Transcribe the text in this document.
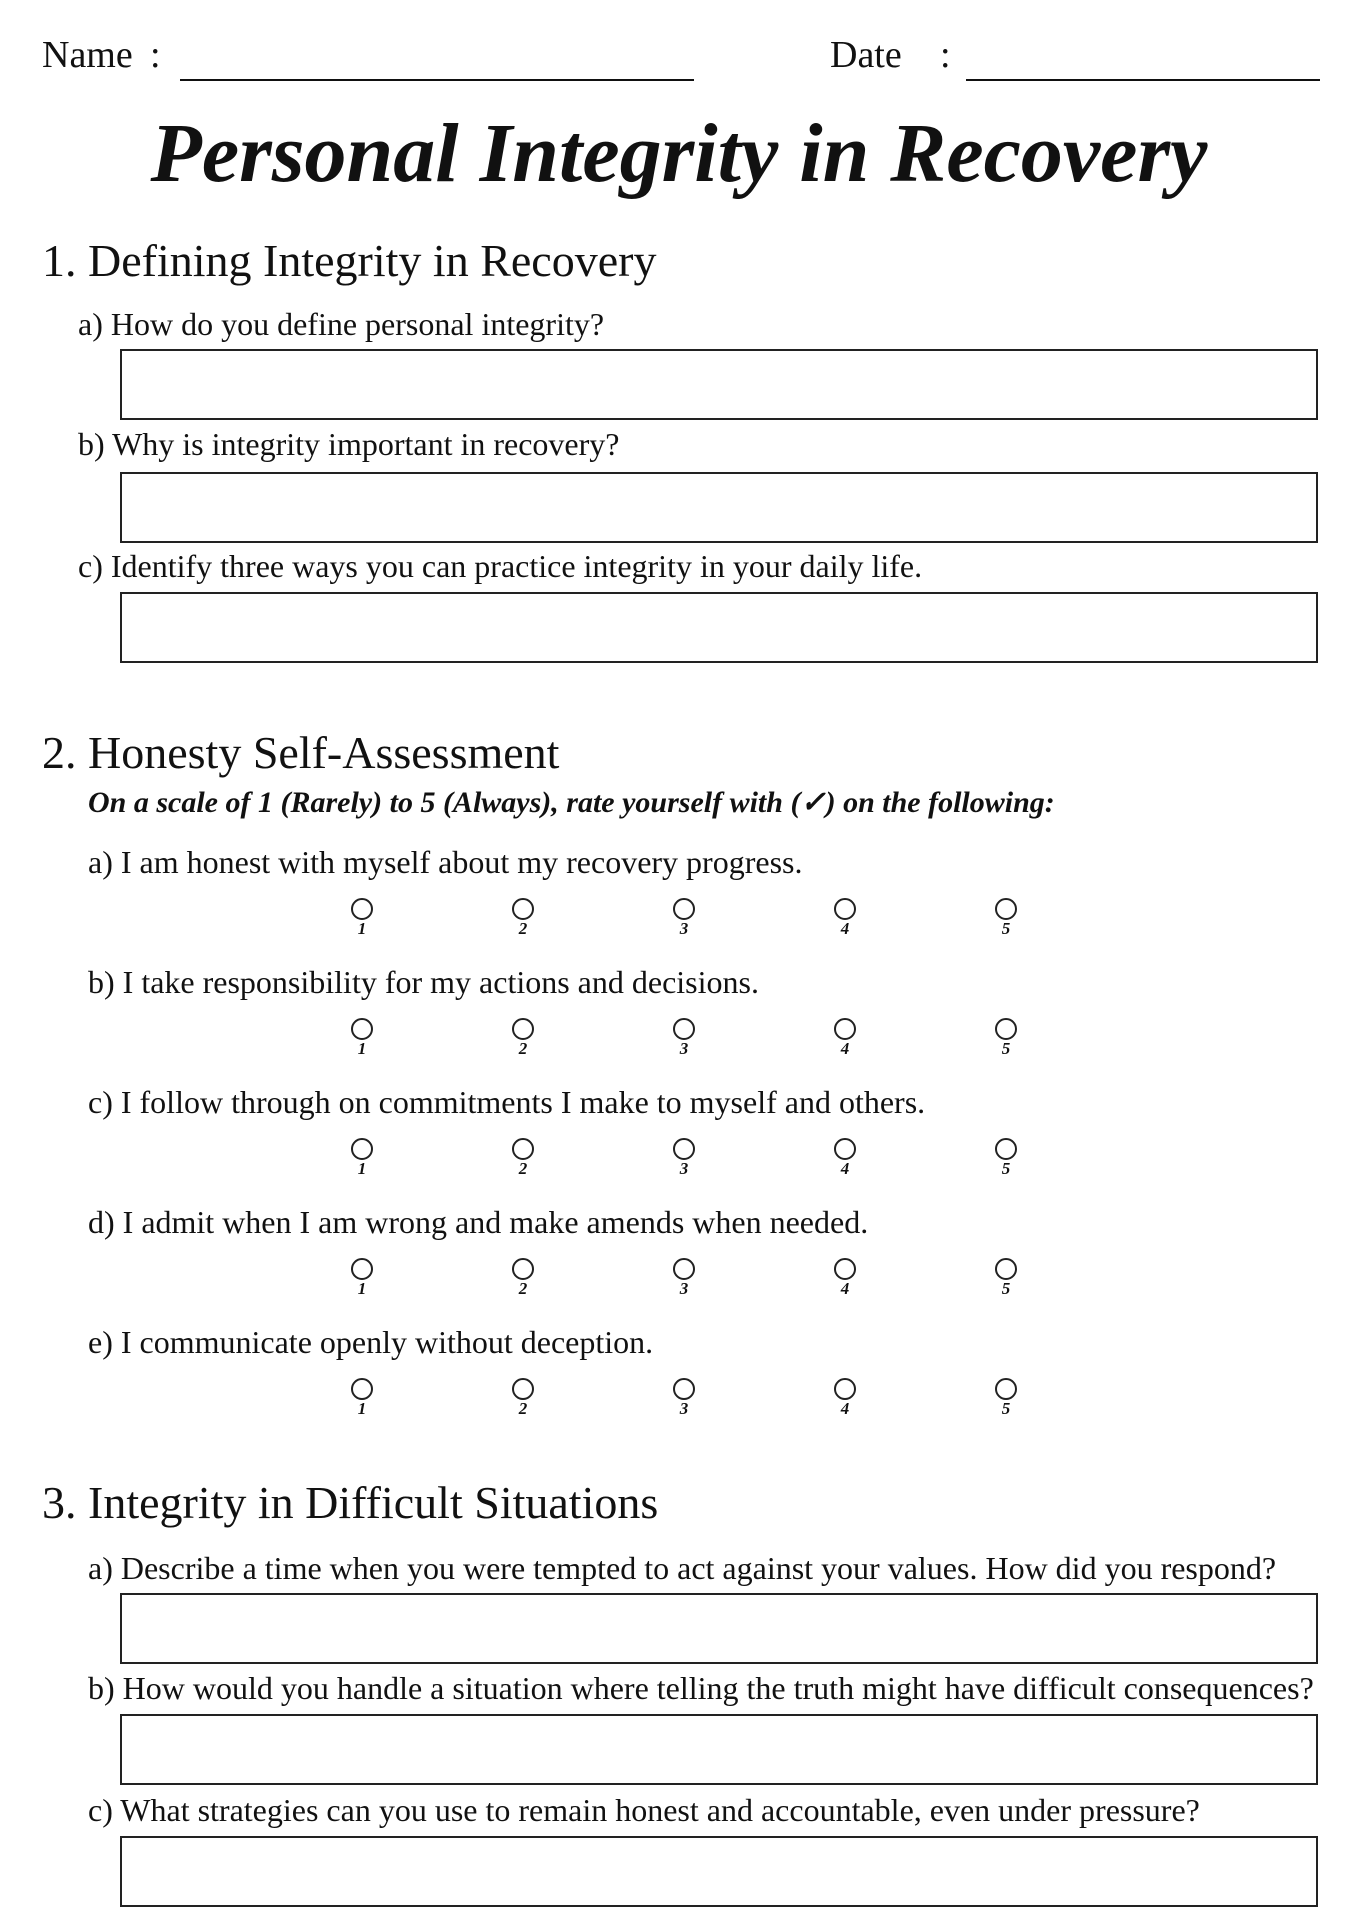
Name :	Date :
Personal Integrity in Recovery
1. Defining Integrity in Recovery
a) How do you define personal integrity?
b) Why is integrity important in recovery?
c) Identify three ways you can practice integrity in your daily life.
2. Honesty Self-Assessment
On a scale of 1 (Rarely) to 5 (Always), rate yourself with (✓) on the following:
a) I am honest with myself about my recovery progress.
1	2	3	4	5
b) I take responsibility for my actions and decisions.
1	2	3	4	5
c) I follow through on commitments I make to myself and others.
1	2	3	4	5
d) I admit when I am wrong and make amends when needed.
1	2	3	4	5
e) I communicate openly without deception.
1	2	3	4	5
3. Integrity in Difficult Situations
a) Describe a time when you were tempted to act against your values. How did you respond?
b) How would you handle a situation where telling the truth might have difficult consequences?
c) What strategies can you use to remain honest and accountable, even under pressure?
